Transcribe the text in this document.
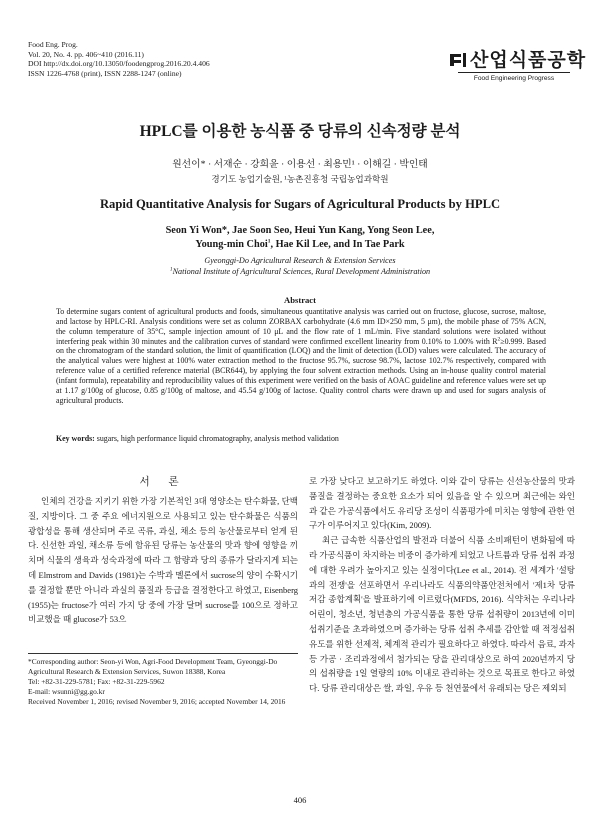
Food Eng. Prog.
Vol. 20, No. 4. pp. 406~410 (2016.11)
DOI http://dx.doi.org/10.13050/foodengprog.2016.20.4.406
ISSN 1226-4768 (print), ISSN 2288-1247 (online)
산업식품공학
Food Engineering Progress
HPLC를 이용한 농식품 중 당류의 신속정량 분석
원선이* · 서재순 · 강희윤 · 이용선 · 최용민¹ · 이해길 · 박인태
경기도 농업기술원, ¹농촌진흥청 국립농업과학원
Rapid Quantitative Analysis for Sugars of Agricultural Products by HPLC
Seon Yi Won*, Jae Soon Seo, Heui Yun Kang, Yong Seon Lee,
Young-min Choi$^1$, Hae Kil Lee, and In Tae Park
Gyeonggi-Do Agricultural Research & Extension Services
$^1$National Institute of Agricultural Sciences, Rural Development Administration
Abstract
To determine sugars content of agricultural products and foods, simultaneous quantitative analysis was carried out on fructose, glucose, sucrose, maltose, and lactose by HPLC-RI. Analysis conditions were set as column ZORBAX carbohydrate (4.6 mm ID×250 mm, 5 μm), the mobile phase of 75% ACN, the column temperature of 35°C, sample injection amount of 10 μL and the flow rate of 1 mL/min. Five standard solutions were isolated without interfering peak within 30 minutes and the calibration curves of standard were confirmed excellent linearity from 0.10% to 1.00% with $R^2\ge 0.999$. Based on the chromatogram of the standard solution, the limit of quantification (LOQ) and the limit of detection (LOD) values were calculated. The accuracy of the analytical values were highest at 100% water extraction method to the fructose 95.7%, sucrose 98.7%, lactose 102.7% respectively, compared with reference value of a certified reference material (BCR644), by applying the four solvent extraction methods. Using an in-house quality control material (infant formula), repeatability and reproducibility values of this experiment were verified on the basis of AOAC guideline and reference values were set up at 1.17 g/100g of glucose, 0.85 g/100g of maltose, and 45.54 g/100g of lactose. Quality control charts were drawn up and used for sugars analysis of agricultural products.
Key words: sugars, high performance liquid chromatography, analysis method validation
서 론

인체의 건강을 지키기 위한 가장 기본적인 3대 영양소는 탄수화물, 단백질, 지방이다. 그 중 주요 에너지원으로 사용되고 있는 탄수화물은 식품의 광합성을 통해 생산되며 주로 곡류, 과실, 채소 등의 농산물로부터 얻게 된다. 신선한 과일, 채소류 등에 함유된 당류는 농산물의 맛과 향에 영향을 끼치며 식물의 생육과 성숙과정에 따라 그 함량과 당의 종류가 달라지게 되는데 Elmstrom and Davids (1981)는 수박과 멜론에서 sucrose의 양이 수확시기를 결정할 뿐만 아니라 과실의 품질과 등급을 결정한다고 하였고, Eisenberg (1955)는 fructose가 여러 가지 당 중에 가장 달며 sucrose를 100으로 정하고 비교했을 때 glucose가 53으

로 가장 낮다고 보고하기도 하였다. 이와 같이 당류는 신선농산물의 맛과 품질을 결정하는 중요한 요소가 되어 있음을 알 수 있으며 최근에는 와인과 같은 가공식품에서도 유리당 조성이 식품평가에 미치는 영향에 관한 연구가 이루어지고 있다(Kim, 2009).

최근 급속한 식품산업의 발전과 더불어 식품 소비패턴이 변화됨에 따라 가공식품이 차지하는 비중이 증가하게 되었고 나트륨과 당류 섭취 과정에 대한 우려가 높아지고 있는 실정이다(Lee et al., 2014). 전 세계가 '설탕과의 전쟁'을 선포하면서 우리나라도 식품의약품안전처에서 '제1차 당류 저감 종합계획'을 발표하기에 이르렀다(MFDS, 2016). 식약처는 우리나라 어린이, 청소년, 청년층의 가공식품을 통한 당류 섭취량이 2013년에 이미 섭취기준을 초과하였으며 증가하는 당류 섭취 추세를 감안할 때 적정섭취 유도를 위한 선제적, 체계적 관리가 필요하다고 하였다. 따라서 음료, 과자 등 가공 · 조리과정에서 첨가되는 당을 관리대상으로 하여 2020년까지 당의 섭취량을 1일 열량의 10% 이내로 관리하는 것으로 목표로 한다고 하였다. 당류 관리대상은 쌀, 과일, 우유 등 천연물에서 유래되는 당은 제외되

*Corresponding author: Seon-yi Won, Agri-Food Development Team, Gyeonggi-Do Agricultural Research & Extension Services, Suwon 18388, Korea
Tel: +82-31-229-5781; Fax: +82-31-229-5962
E-mail: wsunni@gg.go.kr
Received November 1, 2016; revised November 9, 2016; accepted November 14, 2016
406
